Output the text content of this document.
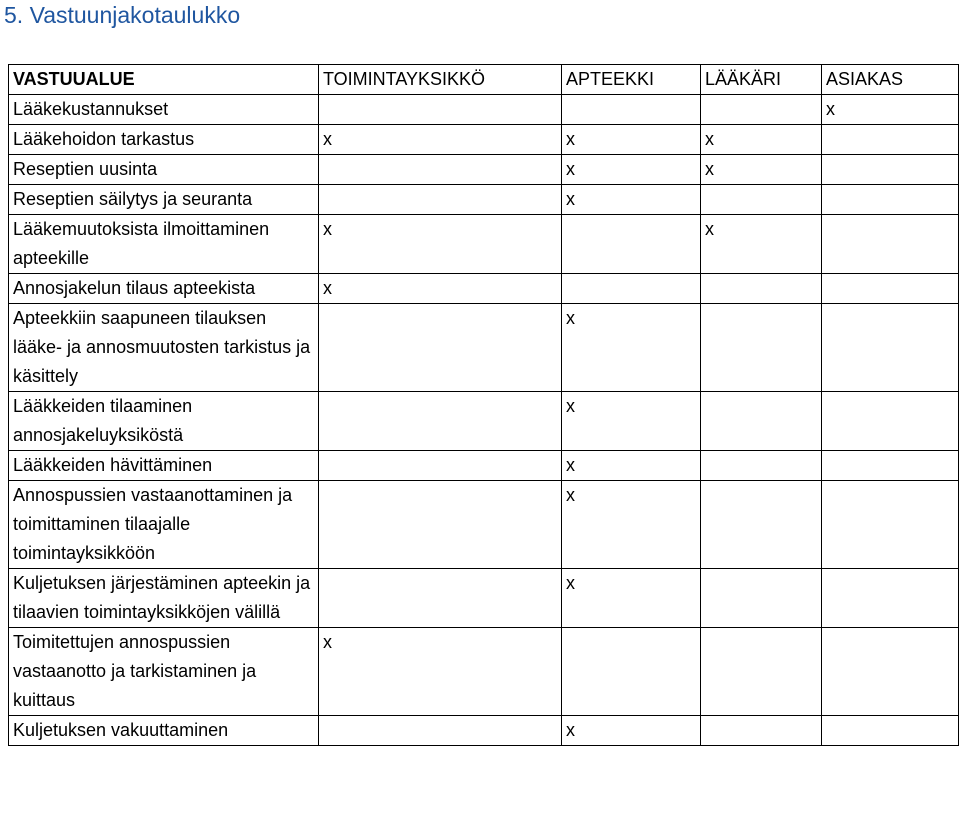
5. Vastuunjakotaulukko
VASTUUALUE	TOIMINTAYKSIKKÖ	APTEEKKI	LÄÄKÄRI	ASIAKAS
Lääkekustannukset				x
Lääkehoidon tarkastus	x	x	x	
Reseptien uusinta		x	x	
Reseptien säilytys ja seuranta		x		
Lääkemuutoksista ilmoittaminen apteekille	x		x	
Annosjakelun tilaus apteekista	x			
Apteekkiin saapuneen tilauksen lääke- ja annosmuutosten tarkistus ja käsittely		x		
Lääkkeiden tilaaminen annosjakeluyksiköstä		x		
Lääkkeiden hävittäminen		x		
Annospussien vastaanottaminen ja toimittaminen tilaajalle toimintayksikköön		x		
Kuljetuksen järjestäminen apteekin ja tilaavien toimintayksikköjen välillä		x		
Toimitettujen annospussien vastaanotto ja tarkistaminen ja kuittaus	x			
Kuljetuksen vakuuttaminen		x		
